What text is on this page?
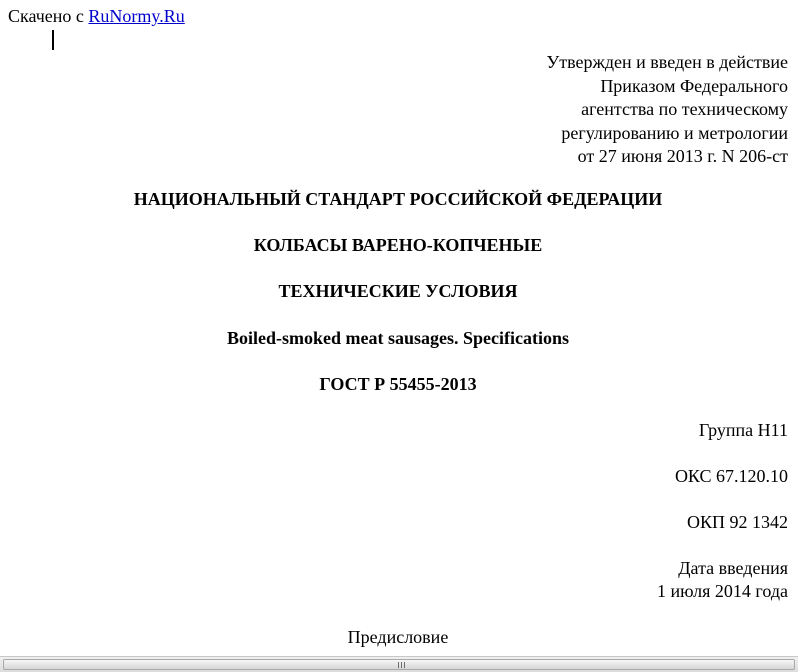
Скачено с RuNormy.Ru
Утвержден и введен в действие
Приказом Федерального
агентства по техническому
регулированию и метрологии
от 27 июня 2013 г. N 206-ст
НАЦИОНАЛЬНЫЙ СТАНДАРТ РОССИЙСКОЙ ФЕДЕРАЦИИ
КОЛБАСЫ ВАРЕНО-КОПЧЕНЫЕ
ТЕХНИЧЕСКИЕ УСЛОВИЯ
Boiled-smoked meat sausages. Specifications
ГОСТ Р 55455-2013
Группа Н11
ОКС 67.120.10
ОКП 92 1342
Дата введения
1 июля 2014 года
Предисловие
